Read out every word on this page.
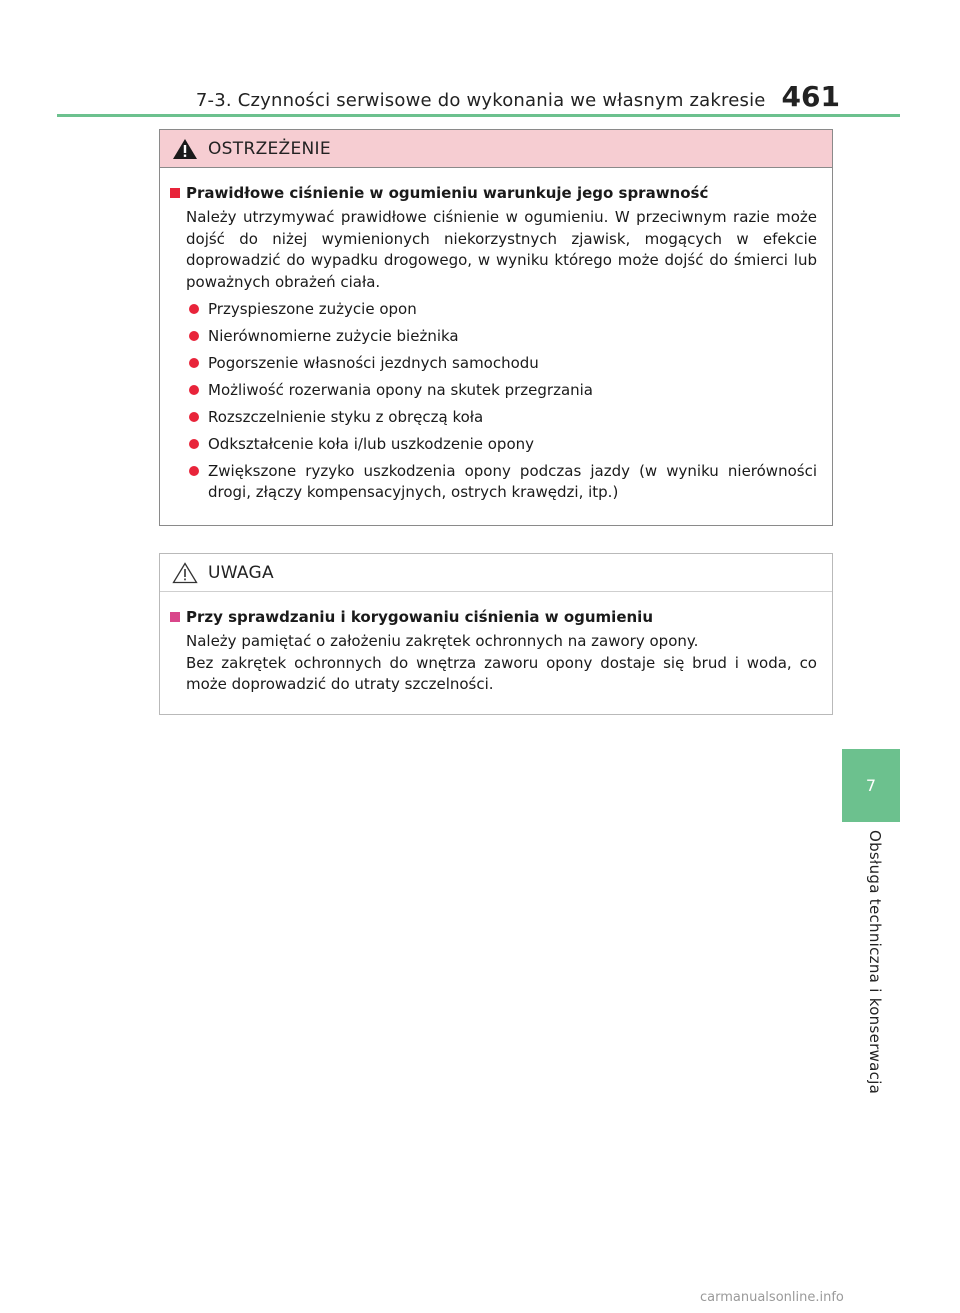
7-3. Czynności serwisowe do wykonania we własnym zakresie 461
OSTRZEŻENIE
Prawidłowe ciśnienie w ogumieniu warunkuje jego sprawność
Należy utrzymywać prawidłowe ciśnienie w ogumieniu. W przeciwnym razie może dojść do niżej wymienionych niekorzystnych zjawisk, mogących w efekcie doprowadzić do wypadku drogowego, w wyniku którego może dojść do śmierci lub poważnych obrażeń ciała.
Przyspieszone zużycie opon
Nierównomierne zużycie bieżnika
Pogorszenie własności jezdnych samochodu
Możliwość rozerwania opony na skutek przegrzania
Rozszczelnienie styku z obręczą koła
Odkształcenie koła i/lub uszkodzenie opony
Zwiększone ryzyko uszkodzenia opony podczas jazdy (w wyniku nierówności drogi, złączy kompensacyjnych, ostrych krawędzi, itp.)
UWAGA
Przy sprawdzaniu i korygowaniu ciśnienia w ogumieniu
Należy pamiętać o założeniu zakrętek ochronnych na zawory opony.
Bez zakrętek ochronnych do wnętrza zaworu opony dostaje się brud i woda, co może doprowadzić do utraty szczelności.
7
Obsługa techniczna i konserwacja
carmanualsonline.info
